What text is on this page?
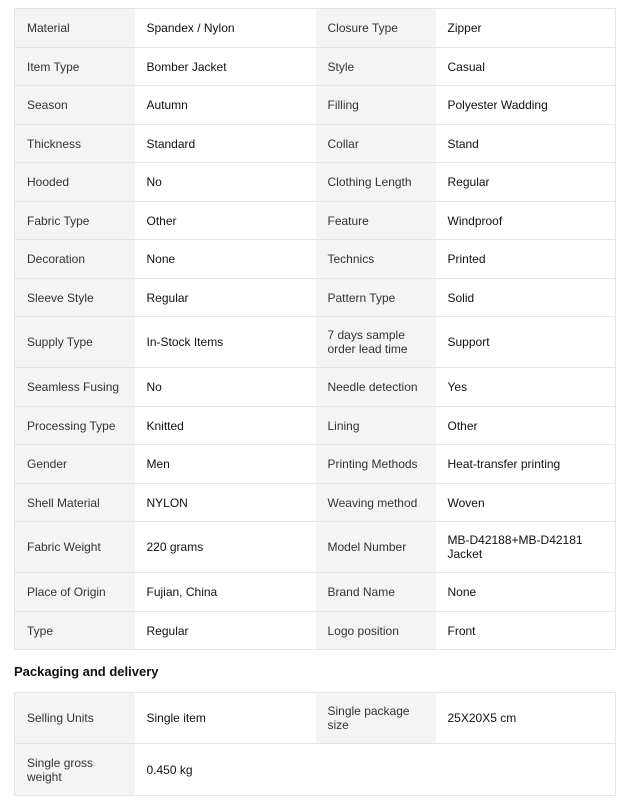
Material	Spandex / Nylon	Closure Type	Zipper
Item Type	Bomber Jacket	Style	Casual
Season	Autumn	Filling	Polyester Wadding
Thickness	Standard	Collar	Stand
Hooded	No	Clothing Length	Regular
Fabric Type	Other	Feature	Windproof
Decoration	None	Technics	Printed
Sleeve Style	Regular	Pattern Type	Solid
Supply Type	In-Stock Items	7 days sample order lead time	Support
Seamless Fusing	No	Needle detection	Yes
Processing Type	Knitted	Lining	Other
Gender	Men	Printing Methods	Heat-transfer printing
Shell Material	NYLON	Weaving method	Woven
Fabric Weight	220 grams	Model Number	MB-D42188+MB-D42181 Jacket
Place of Origin	Fujian, China	Brand Name	None
Type	Regular	Logo position	Front
Packaging and delivery
Selling Units	Single item	Single package size	25X20X5 cm
Single gross weight	0.450 kg		
